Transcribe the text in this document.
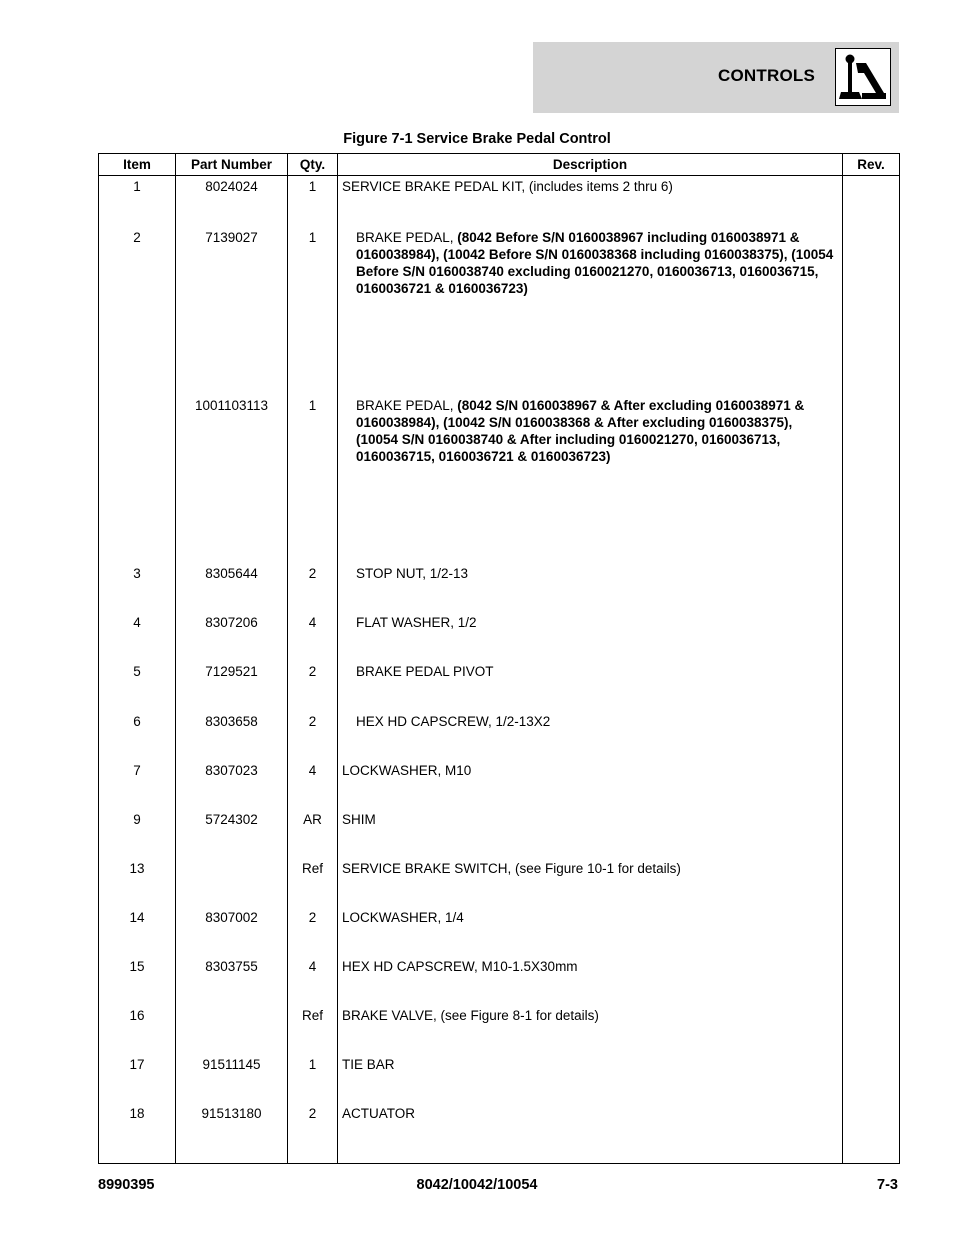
CONTROLS
Figure 7-1 Service Brake Pedal Control
Item	Part Number	Qty.	Description	Rev.
1	8024024	1	SERVICE BRAKE PEDAL KIT, (includes items 2 thru 6)	
2	7139027	1	BRAKE PEDAL, (8042 Before S/N 0160038967 including 0160038971 & 0160038984), (10042 Before S/N 0160038368 including 0160038375), (10054 Before S/N 0160038740 excluding 0160021270, 0160036713, 0160036715, 0160036721 & 0160036723)	
	1001103113	1	BRAKE PEDAL, (8042 S/N 0160038967 & After excluding 0160038971 & 0160038984), (10042 S/N 0160038368 & After excluding 0160038375), (10054 S/N 0160038740 & After including 0160021270, 0160036713, 0160036715, 0160036721 & 0160036723)	
3	8305644	2	STOP NUT, 1/2-13	
4	8307206	4	FLAT WASHER, 1/2	
5	7129521	2	BRAKE PEDAL PIVOT	
6	8303658	2	HEX HD CAPSCREW, 1/2-13X2	
7	8307023	4	LOCKWASHER, M10	
9	5724302	AR	SHIM	
13		Ref	SERVICE BRAKE SWITCH, (see Figure 10-1 for details)	
14	8307002	2	LOCKWASHER, 1/4	
15	8303755	4	HEX HD CAPSCREW, M10-1.5X30mm	
16		Ref	BRAKE VALVE, (see Figure 8-1 for details)	
17	91511145	1	TIE BAR	
18	91513180	2	ACTUATOR	

8990395	8042/10042/10054	7-3
